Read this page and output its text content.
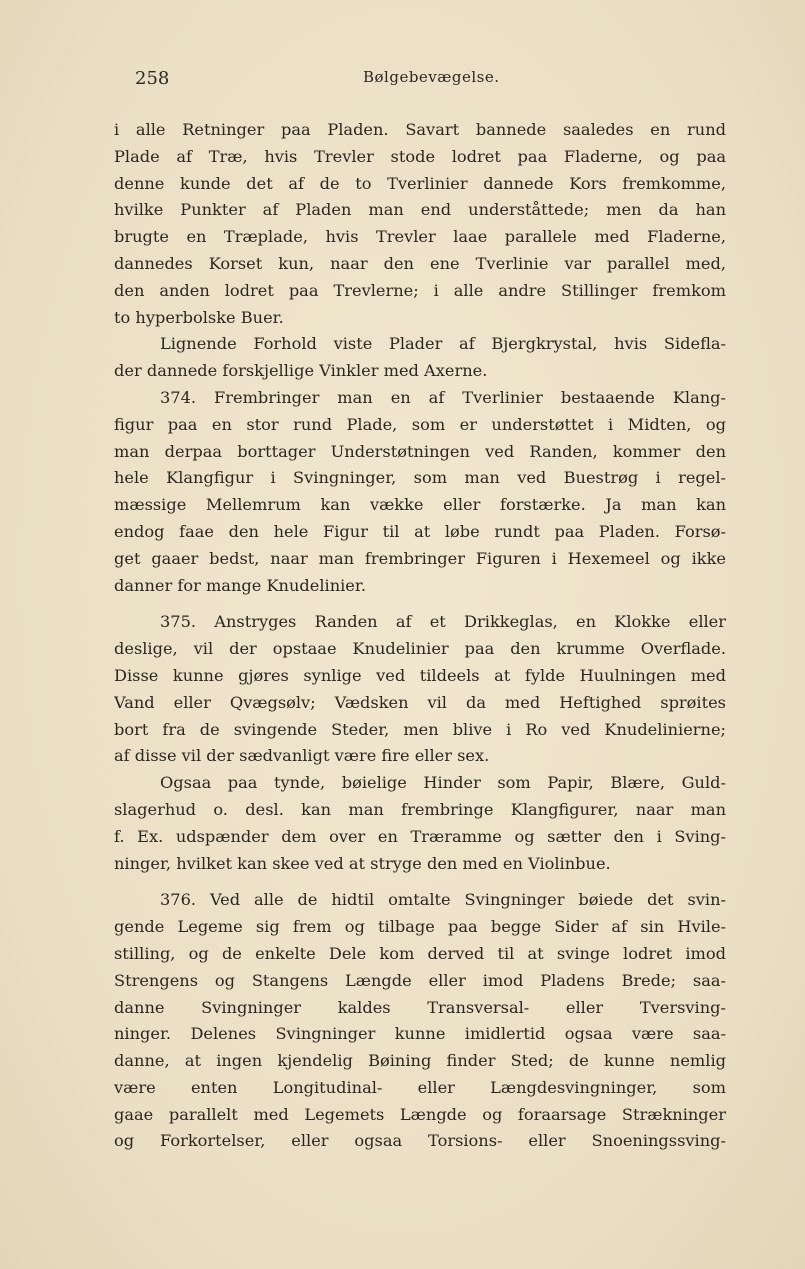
258	Bølgebevægelse.
i alle Retninger paa Pladen. Savart bannede saaledes en rund
Plade af Træ, hvis Trevler stode lodret paa Fladerne, og paa
denne kunde det af de to Tverlinier dannede Kors fremkomme,
hvilke Punkter af Pladen man end underståttede; men da han
brugte en Træplade, hvis Trevler laae parallele med Fladerne,
dannedes Korset kun, naar den ene Tverlinie var parallel med,
den anden lodret paa Trevlerne; i alle andre Stillinger fremkom
to hyperbolske Buer.
Lignende Forhold viste Plader af Bjergkrystal, hvis Sidefla-
der dannede forskjellige Vinkler med Axerne.
374. Frembringer man en af Tverlinier bestaaende Klang-
figur paa en stor rund Plade, som er understøttet i Midten, og
man derpaa borttager Understøtningen ved Randen, kommer den
hele Klangfigur i Svingninger, som man ved Buestrøg i regel-
mæssige Mellemrum kan vække eller forstærke. Ja man kan
endog faae den hele Figur til at løbe rundt paa Pladen. Forsø-
get gaaer bedst, naar man frembringer Figuren i Hexemeel og ikke
danner for mange Knudelinier.
375. Anstryges Randen af et Drikkeglas, en Klokke eller
deslige, vil der opstaae Knudelinier paa den krumme Overflade.
Disse kunne gjøres synlige ved tildeels at fylde Huulningen med
Vand eller Qvægsølv; Vædsken vil da med Heftighed sprøites
bort fra de svingende Steder, men blive i Ro ved Knudelinierne;
af disse vil der sædvanligt være fire eller sex.
Ogsaa paa tynde, bøielige Hinder som Papir, Blære, Guld-
slagerhud o. desl. kan man frembringe Klangfigurer, naar man
f. Ex. udspænder dem over en Træramme og sætter den i Sving-
ninger, hvilket kan skee ved at stryge den med en Violinbue.
376. Ved alle de hidtil omtalte Svingninger bøiede det svin-
gende Legeme sig frem og tilbage paa begge Sider af sin Hvile-
stilling, og de enkelte Dele kom derved til at svinge lodret imod
Strengens og Stangens Længde eller imod Pladens Brede; saa-
danne Svingninger kaldes Transversal- eller Tversving-
ninger. Delenes Svingninger kunne imidlertid ogsaa være saa-
danne, at ingen kjendelig Bøining finder Sted; de kunne nemlig
være enten Longitudinal- eller Længdesvingninger, som
gaae parallelt med Legemets Længde og foraarsage Strækninger
og Forkortelser, eller ogsaa Torsions- eller Snoeningssving-
